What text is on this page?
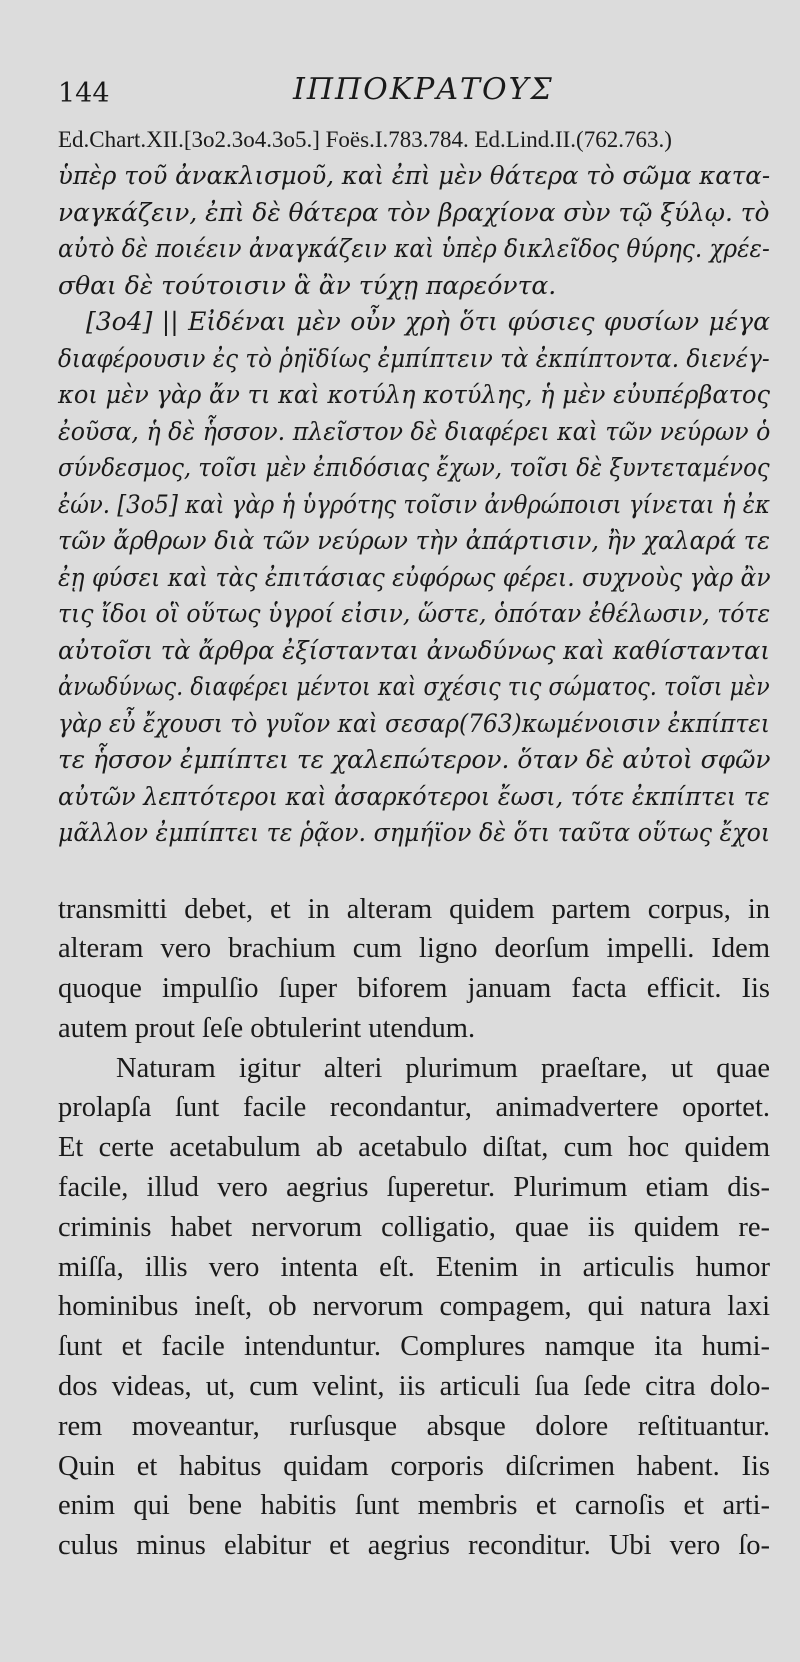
144	ΙΠΠΟΚΡΑΤΟΥΣ
Ed.Chart.XII.[3o2.3o4.3o5.] Foës.I.783.784. Ed.Lind.II.(762.763.)
ὑπὲρ τοῦ ἀνακλισμοῦ, καὶ ἐπὶ μὲν θάτερα τὸ σῶμα κατα-
ναγκάζειν, ἐπὶ δὲ θάτερα τὸν βραχίονα σὺν τῷ ξύλῳ. τὸ
αὐτὸ δὲ ποιέειν ἀναγκάζειν καὶ ὑπὲρ δικλεῖδος θύρης. χρέε-
σθαι δὲ τούτοισιν ἃ ἂν τύχῃ παρεόντα.
[3o4] || Εἰδέναι μὲν οὖν χρὴ ὅτι φύσιες φυσίων μέγα
διαφέρουσιν ἐς τὸ ῥηϊδίως ἐμπίπτειν τὰ ἐκπίπτοντα. διενέγ-
κοι μὲν γὰρ ἄν τι καὶ κοτύλη κοτύλης, ἡ μὲν εὐυπέρβατος
ἐοῦσα, ἡ δὲ ἧσσον. πλεῖστον δὲ διαφέρει καὶ τῶν νεύρων ὁ
σύνδεσμος, τοῖσι μὲν ἐπιδόσιας ἔχων, τοῖσι δὲ ξυντεταμένος
ἐών. [3o5] καὶ γὰρ ἡ ὑγρότης τοῖσιν ἀνθρώποισι γίνεται ἡ ἐκ
τῶν ἄρθρων διὰ τῶν νεύρων τὴν ἀπάρτισιν, ἢν χαλαρά τε
ἐῃ φύσει καὶ τὰς ἐπιτάσιας εὐφόρως φέρει. συχνοὺς γὰρ ἂν
τις ἴδοι οἳ οὕτως ὑγροί εἰσιν, ὥστε, ὁπόταν ἐθέλωσιν, τότε
αὐτοῖσι τὰ ἄρθρα ἐξίστανται ἀνωδύνως καὶ καθίστανται
ἀνωδύνως. διαφέρει μέντοι καὶ σχέσις τις σώματος. τοῖσι μὲν
γὰρ εὖ ἔχουσι τὸ γυῖον καὶ σεσαρ(763)κωμένοισιν ἐκπίπτει
τε ἧσσον ἐμπίπτει τε χαλεπώτερον. ὅταν δὲ αὐτοὶ σφῶν
αὐτῶν λεπτότεροι καὶ ἀσαρκότεροι ἔωσι, τότε ἐκπίπτει τε
μᾶλλον ἐμπίπτει τε ῥᾷον. σημήϊον δὲ ὅτι ταῦτα οὕτως ἔχοι
transmitti debet, et in alteram quidem partem corpus, in
alteram vero brachium cum ligno deorſum impelli. Idem
quoque impulſio ſuper biforem januam facta efficit. Iis
autem prout ſeſe obtulerint utendum.
Naturam igitur alteri plurimum praeſtare, ut quae
prolapſa ſunt facile recondantur, animadvertere oportet.
Et certe acetabulum ab acetabulo diſtat, cum hoc quidem
facile, illud vero aegrius ſuperetur. Plurimum etiam dis-
criminis habet nervorum colligatio, quae iis quidem re-
miſſa, illis vero intenta eſt. Etenim in articulis humor
hominibus ineſt, ob nervorum compagem, qui natura laxi
ſunt et facile intenduntur. Complures namque ita humi-
dos videas, ut, cum velint, iis articuli ſua ſede citra dolo-
rem moveantur, rurſusque absque dolore reſtituantur.
Quin et habitus quidam corporis diſcrimen habent. Iis
enim qui bene habitis ſunt membris et carnoſis et arti-
culus minus elabitur et aegrius reconditur. Ubi vero ſo-
